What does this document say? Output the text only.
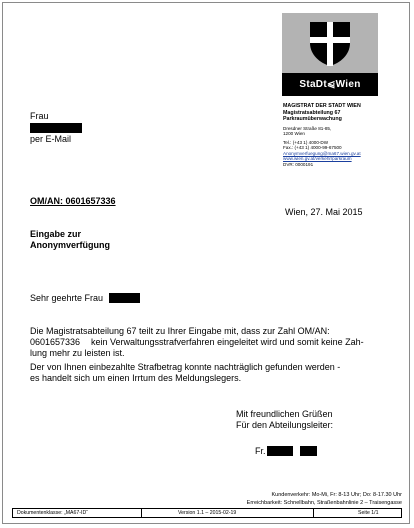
StaDt⩿Wien
MAGISTRAT DER STADT WIEN
Magistratsabteilung 67
Parkraumüberwachung
Dresdner Straße 81-85,
1200 Wien
Tel.: (+43 1) 4000-DW
Fax.: (+43 1) 4000-99-67500
Anonymverfuegung@ma67.wien.gv.at
www.wien.gv.at/verkehr/parkraum
DVR: 0000191
Frau
per E-Mail
OM/AN: 0601657336
Wien, 27. Mai 2015
Eingabe zur
Anonymverfügung
Sehr geehrte Frau
Die Magistratsabteilung 67 teilt zu Ihrer Eingabe mit, dass zur Zahl OM/AN:
0601657336 kein Verwaltungsstrafverfahren eingeleitet wird und somit keine Zah-
lung mehr zu leisten ist.
Der von Ihnen einbezahlte Strafbetrag konnte nachträglich gefunden werden -
es handelt sich um einen Irrtum des Meldungslegers.
Mit freundlichen Grüßen
Für den Abteilungsleiter:
Fr.
Kundenverkehr: Mo-Mi, Fr: 8-13 Uhr; Do: 8-17.30 Uhr
Erreichbarkeit: Schnellbahn, Straßenbahnlinie 2 – Traisengasse
Dokumentenklasse: „MA67-ID“	Version 1.1 – 2015-02-19	Seite 1/1
